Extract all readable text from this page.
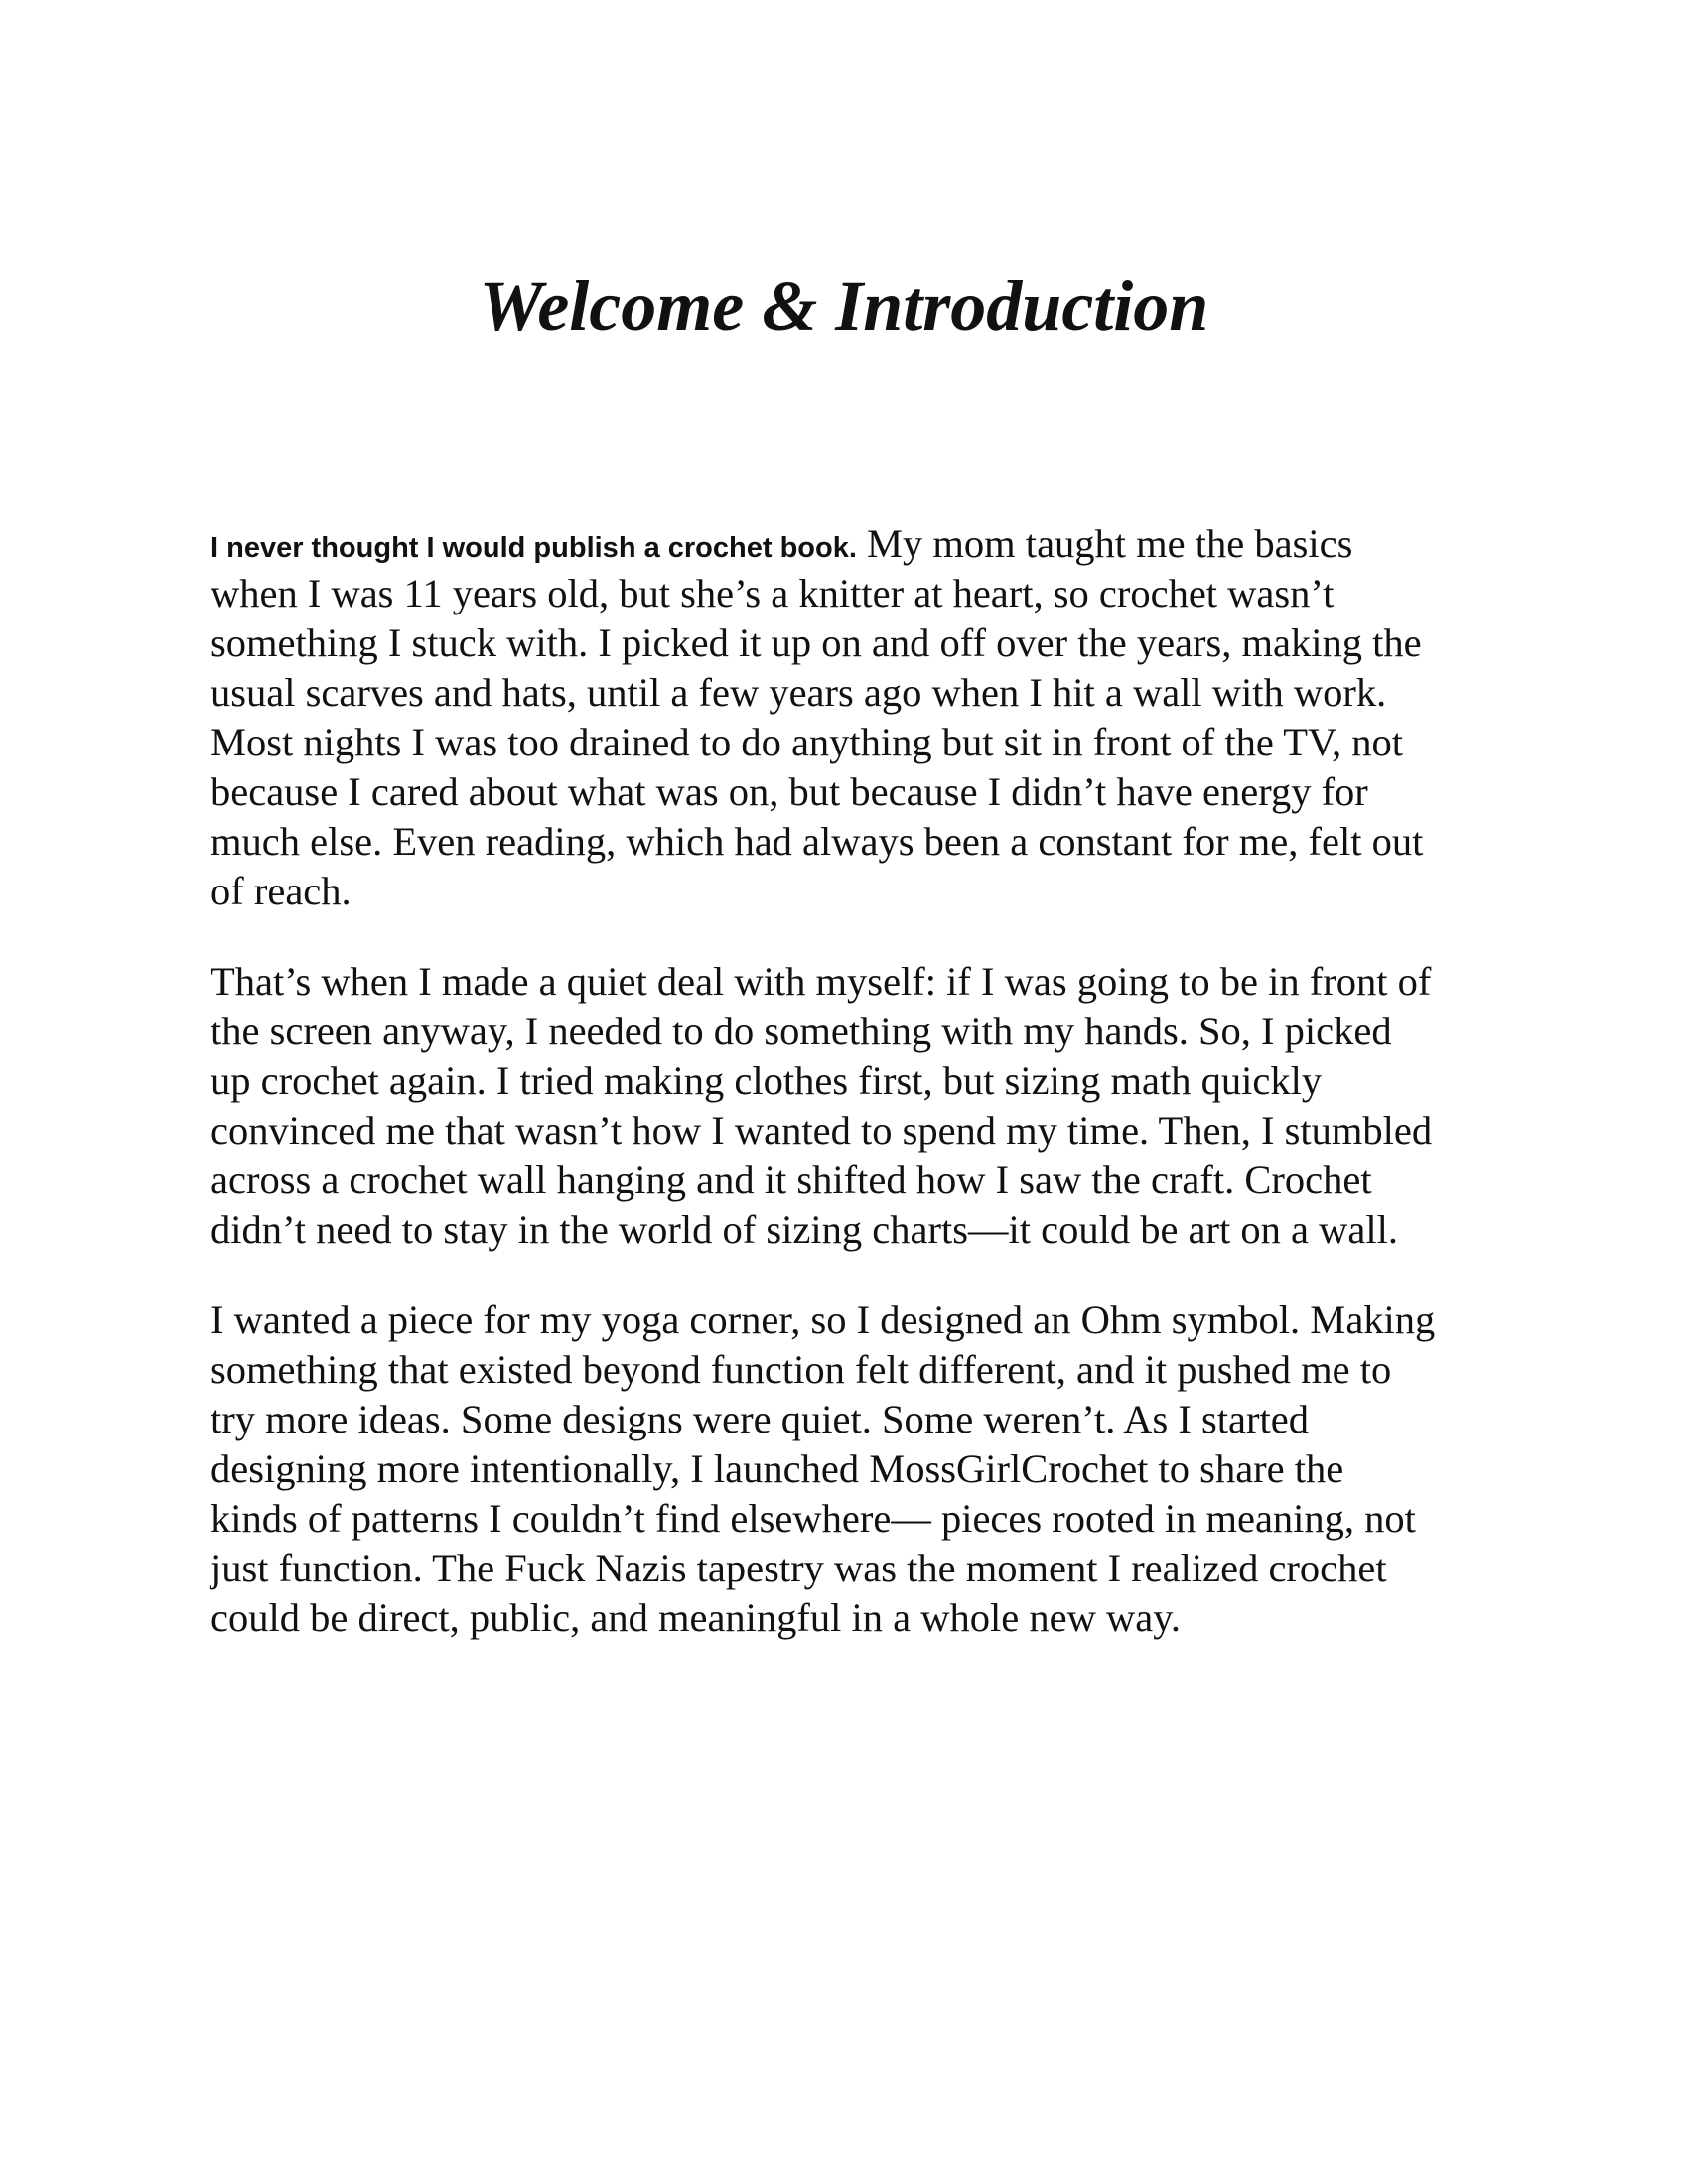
Welcome & Introduction

I never thought I would publish a crochet book. My mom taught me the basics
when I was 11 years old, but she’s a knitter at heart, so crochet wasn’t
something I stuck with. I picked it up on and off over the years, making the
usual scarves and hats, until a few years ago when I hit a wall with work.
Most nights I was too drained to do anything but sit in front of the TV, not
because I cared about what was on, but because I didn’t have energy for
much else. Even reading, which had always been a constant for me, felt out
of reach.

That’s when I made a quiet deal with myself: if I was going to be in front of
the screen anyway, I needed to do something with my hands. So, I picked
up crochet again. I tried making clothes first, but sizing math quickly
convinced me that wasn’t how I wanted to spend my time. Then, I stumbled
across a crochet wall hanging and it shifted how I saw the craft. Crochet
didn’t need to stay in the world of sizing charts—it could be art on a wall.

I wanted a piece for my yoga corner, so I designed an Ohm symbol. Making
something that existed beyond function felt different, and it pushed me to
try more ideas. Some designs were quiet. Some weren’t. As I started
designing more intentionally, I launched MossGirlCrochet to share the
kinds of patterns I couldn’t find elsewhere— pieces rooted in meaning, not
just function. The Fuck Nazis tapestry was the moment I realized crochet
could be direct, public, and meaningful in a whole new way.
